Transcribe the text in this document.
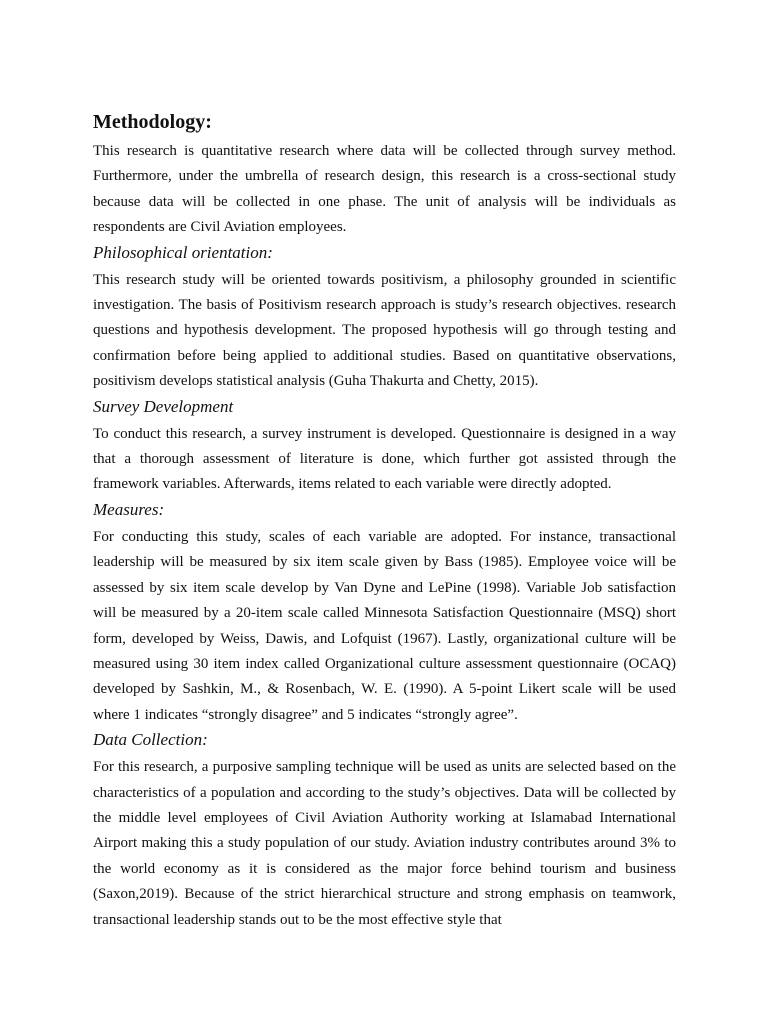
Methodology:

This research is quantitative research where data will be collected through survey method. Furthermore, under the umbrella of research design, this research is a cross-sectional study because data will be collected in one phase. The unit of analysis will be individuals as respondents are Civil Aviation employees.

Philosophical orientation:

This research study will be oriented towards positivism, a philosophy grounded in scientific investigation. The basis of Positivism research approach is study’s research objectives. research questions and hypothesis development. The proposed hypothesis will go through testing and confirmation before being applied to additional studies. Based on quantitative observations, positivism develops statistical analysis (Guha Thakurta and Chetty, 2015).

Survey Development

To conduct this research, a survey instrument is developed. Questionnaire is designed in a way that a thorough assessment of literature is done, which further got assisted through the framework variables. Afterwards, items related to each variable were directly adopted.

Measures:

For conducting this study, scales of each variable are adopted. For instance, transactional leadership will be measured by six item scale given by Bass (1985). Employee voice will be assessed by six item scale develop by Van Dyne and LePine (1998). Variable Job satisfaction will be measured by a 20-item scale called Minnesota Satisfaction Questionnaire (MSQ) short form, developed by Weiss, Dawis, and Lofquist (1967). Lastly, organizational culture will be measured using 30 item index called Organizational culture assessment questionnaire (OCAQ) developed by Sashkin, M., & Rosenbach, W. E. (1990). A 5-point Likert scale will be used where 1 indicates “strongly disagree” and 5 indicates “strongly agree”.

Data Collection:

For this research, a purposive sampling technique will be used as units are selected based on the characteristics of a population and according to the study’s objectives. Data will be collected by the middle level employees of Civil Aviation Authority working at Islamabad International Airport making this a study population of our study. Aviation industry contributes around 3% to the world economy as it is considered as the major force behind tourism and business (Saxon,2019). Because of the strict hierarchical structure and strong emphasis on teamwork, transactional leadership stands out to be the most effective style that
